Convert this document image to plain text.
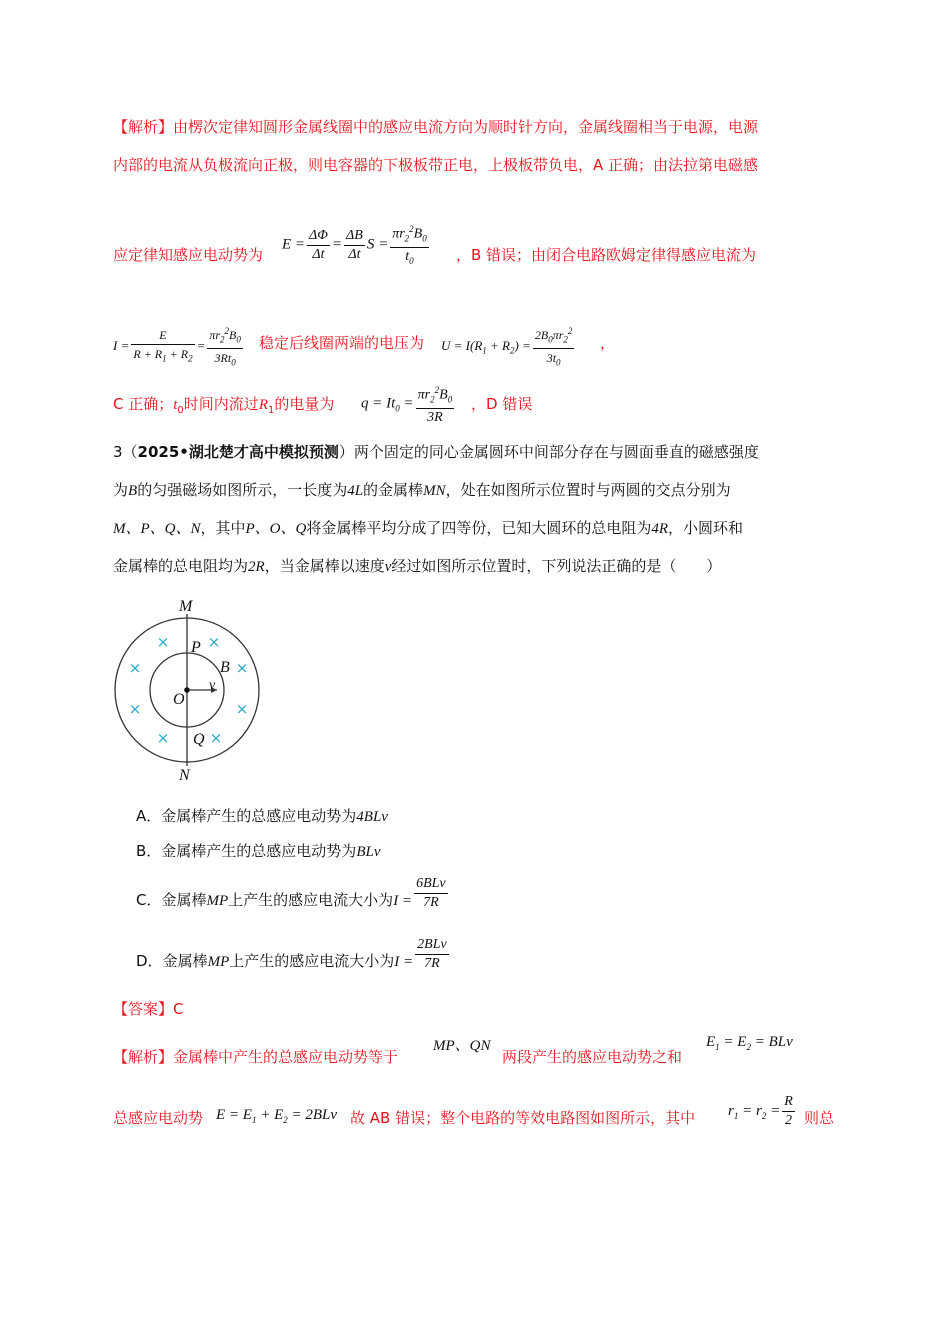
【解析】由楞次定律知圆形金属线圈中的感应电流方向为顺时针方向，金属线圈相当于电源，电源
内部的电流从负极流向正极，则电容器的下极板带正电，上极板带负电，A 正确；由法拉第电磁感
应定律知感应电动势为
$E = \frac{\Delta\Phi}{\Delta t} = \frac{\Delta B}{\Delta t}$ $S = \frac{\pi r_2^2B_0}{t_0}$ ，B 错误；由闭合电路欧姆定律得感应电流为
$I = \frac{E}{R + R_1 + R_2} = \frac{\pi r_2^2B_0}{3Rt_0}$ 稳定后线圈两端的电压为 $U = I(R_1 + R_2) = \frac{2B_0\pi r_2^2}{3t_0}$ ，
C 正确；$t_0$时间内流过$R_1$的电量为 $q = It_0 = \frac{\pi r_2^2B_0}{3R}$ ，D 错误
3（2025•湖北楚才高中模拟预测）两个固定的同心金属圆环中间部分存在与圆面垂直的磁感强度
为B的匀强磁场如图所示，一长度为4L的金属棒MN，处在如图所示位置时与两圆的交点分别为
M、P、Q、N，其中P、O、Q将金属棒平均分成了四等份，已知大圆环的总电阻为4R，小圆环和
金属棒的总电阻均为2R，当金属棒以速度v经过如图所示位置时，下列说法正确的是（　　）
×	×
×	×
×	×
×	×
M
P
B
O
v
Q
N
A．金属棒产生的总感应电动势为4BLv
B．金属棒产生的总感应电动势为BLv
C．金属棒MP上产生的感应电流大小为$I = \frac{\text{6BLv}}{7R}$
D．金属棒MP上产生的感应电流大小为$I = \frac{\text{2BLv}}{7R}$
【答案】C
【解析】金属棒中产生的总感应电动势等于
MP、QN
两段产生的感应电动势之和
$E_1 = E_2$ = BLv
总感应电动势 $E = E_1 + E_2 = 2BLv$ 故 AB 错误；整个电路的等效电路图如图所示，其中 $r_1 = r_2 = \frac{R}{2}$ 则总
